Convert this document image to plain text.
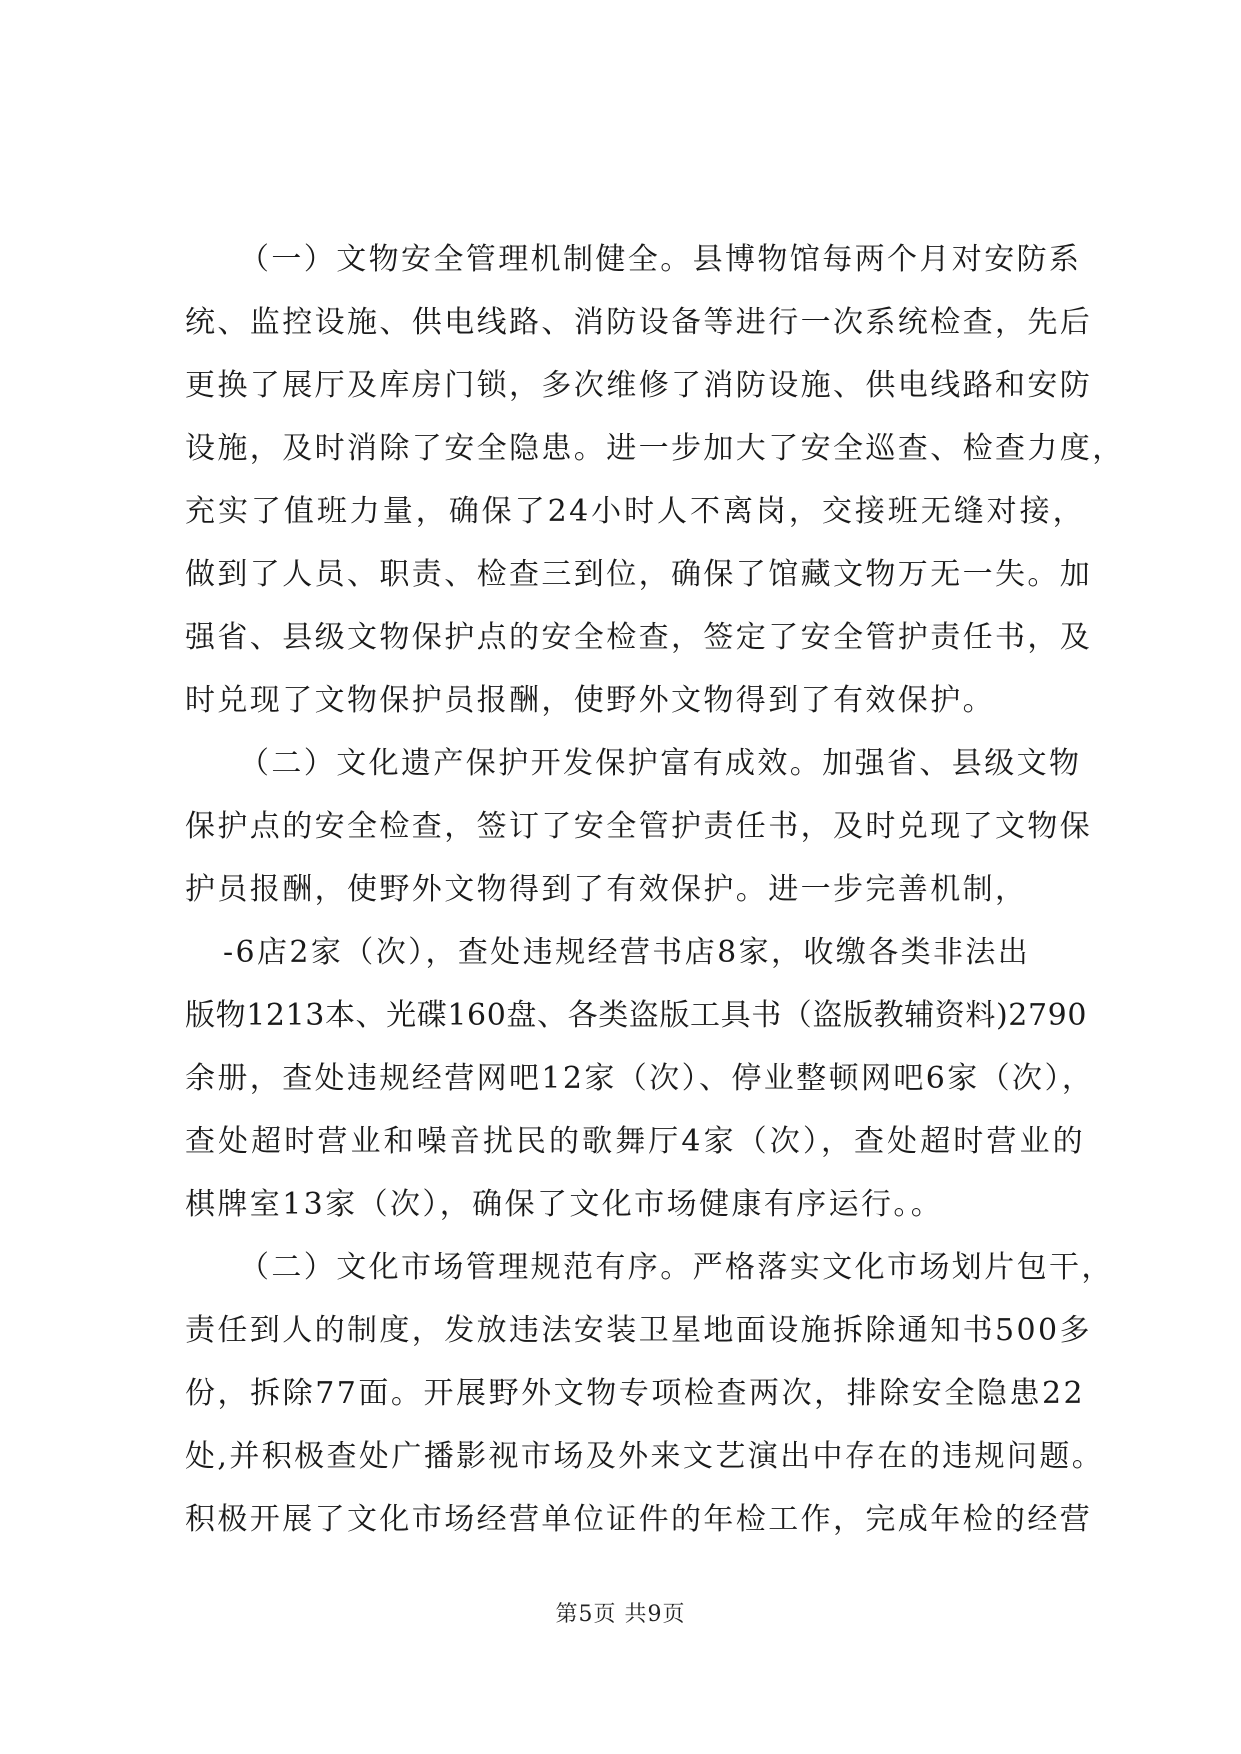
（一）文物安全管理机制健全。县博物馆每两个月对安防系
统、监控设施、供电线路、消防设备等进行一次系统检查，先后
更换了展厅及库房门锁，多次维修了消防设施、供电线路和安防
设施，及时消除了安全隐患。进一步加大了安全巡查、检查力度，
充实了值班力量，确保了24小时人不离岗，交接班无缝对接，
做到了人员、职责、检查三到位，确保了馆藏文物万无一失。加
强省、县级文物保护点的安全检查，签定了安全管护责任书，及
时兑现了文物保护员报酬，使野外文物得到了有效保护。
（二）文化遗产保护开发保护富有成效。加强省、县级文物
保护点的安全检查，签订了安全管护责任书，及时兑现了文物保
护员报酬，使野外文物得到了有效保护。进一步完善机制，
-6店2家（次），查处违规经营书店8家，收缴各类非法出
版物1213本、光碟160盘、各类盗版工具书（盗版教辅资料)2790
余册，查处违规经营网吧12家（次）、停业整顿网吧6家（次），
查处超时营业和噪音扰民的歌舞厅4家（次），查处超时营业的
棋牌室13家（次），确保了文化市场健康有序运行。。
（二）文化市场管理规范有序。严格落实文化市场划片包干，
责任到人的制度，发放违法安装卫星地面设施拆除通知书500多
份，拆除77面。开展野外文物专项检查两次，排除安全隐患22
处,并积极查处广播影视市场及外来文艺演出中存在的违规问题。
积极开展了文化市场经营单位证件的年检工作，完成年检的经营
第5页 共9页
